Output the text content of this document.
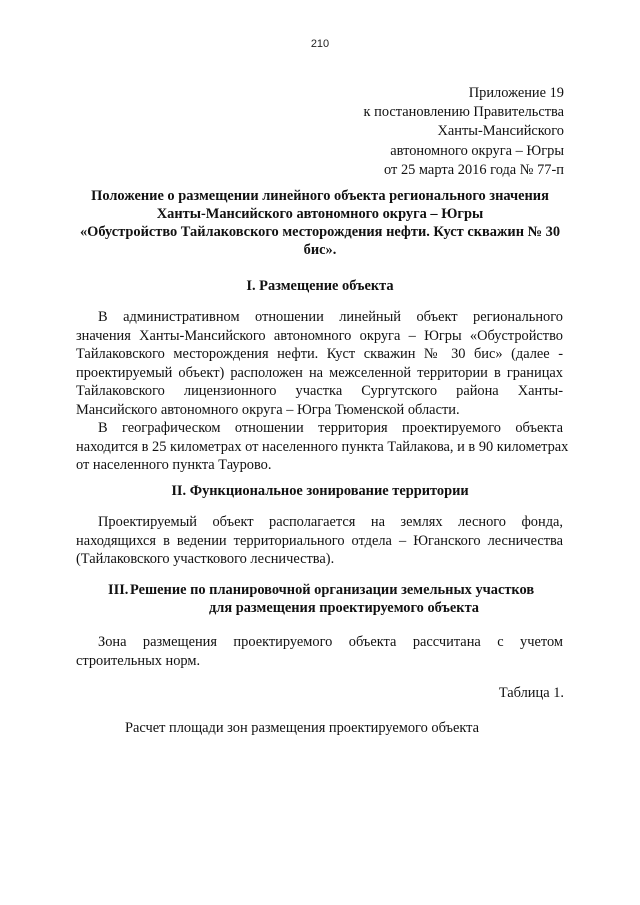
210
Приложение 19
к постановлению Правительства
Ханты-Мансийского
автономного округа – Югры
от 25 марта 2016 года № 77-п
Положение о размещении линейного объекта регионального значения
Ханты-Мансийского автономного округа – Югры
«Обустройство Тайлаковского месторождения нефти. Куст скважин № 30
бис».
I. Размещение объекта
В административном отношении линейный объект регионального
значения Ханты-Мансийского автономного округа – Югры «Обустройство
Тайлаковского месторождения нефти. Куст скважин № 30 бис» (далее -
проектируемый объект) расположен на межселенной территории в границах
Тайлаковского лицензионного участка Сургутского района Ханты-
Мансийского автономного округа – Югра Тюменской области.
В географическом отношении территория проектируемого объекта
находится в 25 километрах от населенного пункта Тайлакова, и в 90 километрах
от населенного пункта Таурово.
II. Функциональное зонирование территории
Проектируемый объект располагается на землях лесного фонда,
находящихся в ведении территориального отдела – Юганского лесничества
(Тайлаковского участкового лесничества).
III. Решение по планировочной организации земельных участков
для размещения проектируемого объекта
Зона размещения проектируемого объекта рассчитана с учетом
строительных норм.
Таблица 1.
Расчет площади зон размещения проектируемого объекта
